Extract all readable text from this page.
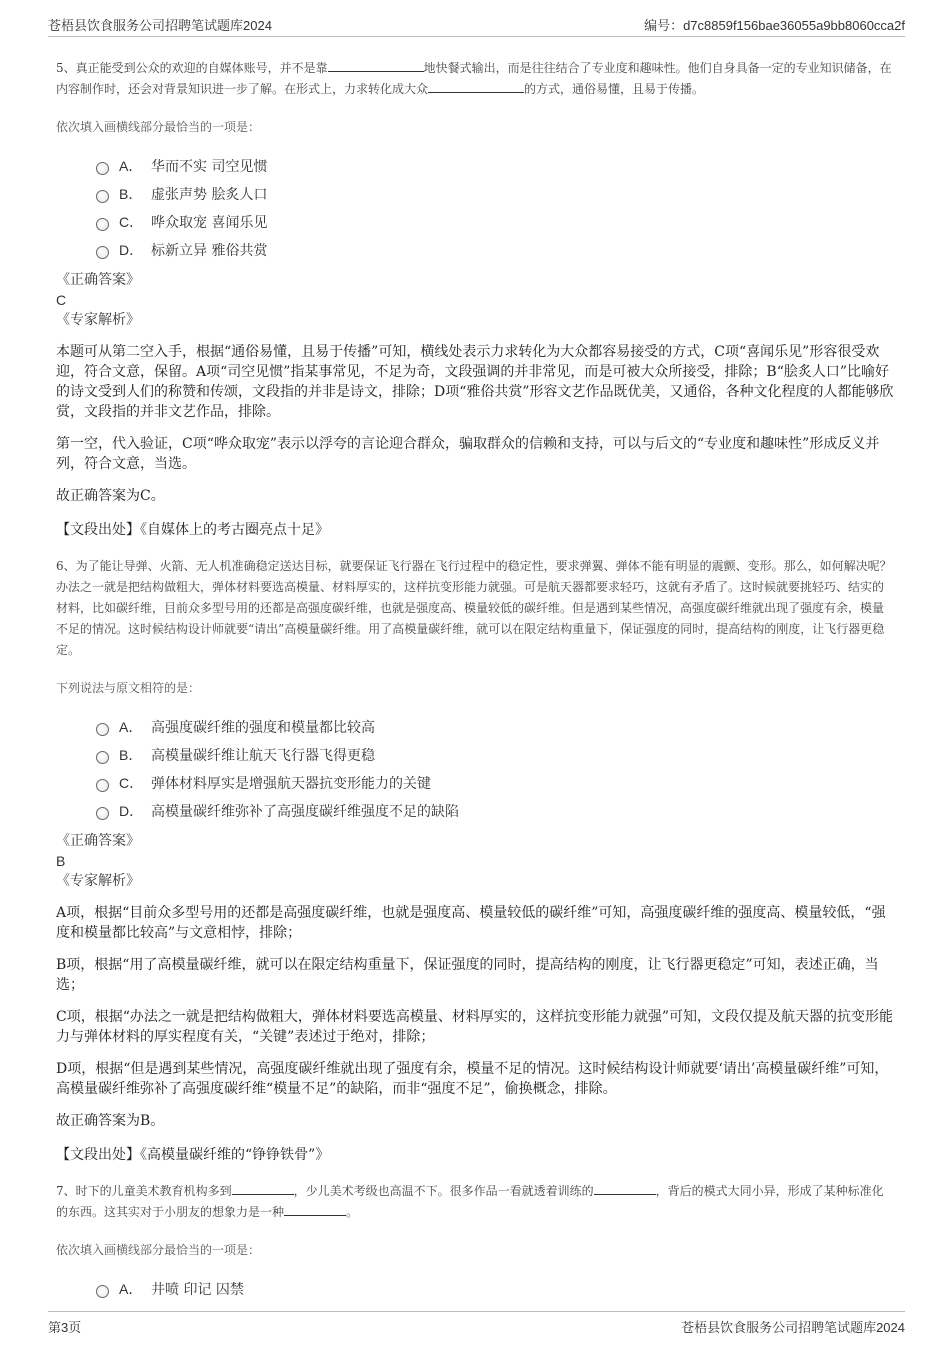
苍梧县饮食服务公司招聘笔试题库2024	编号：d7c8859f156bae36055a9bb8060cca2f

5、真正能受到公众的欢迎的自媒体账号，并不是靠	地快餐式输出，而是往往结合了专业度和趣味性。他们自身具备一定的专业知识储备，在内容制作时，还会对背景知识进一步了解。在形式上，力求转化成大众	的方式，通俗易懂，且易于传播。

依次填入画横线部分最恰当的一项是：

A． 华而不实 司空见惯
B． 虚张声势 脍炙人口
C． 哗众取宠 喜闻乐见
D． 标新立异 雅俗共赏

《正确答案》

C

《专家解析》

本题可从第二空入手，根据“通俗易懂，且易于传播”可知，横线处表示力求转化为大众都容易接受的方式，C项“喜闻乐见”形容很受欢迎，符合文意，保留。A项“司空见惯”指某事常见，不足为奇，文段强调的并非常见，而是可被大众所接受，排除；B“脍炙人口”比喻好的诗文受到人们的称赞和传颂，文段指的并非是诗文，排除；D项“雅俗共赏”形容文艺作品既优美，又通俗，各种文化程度的人都能够欣赏，文段指的并非文艺作品，排除。

第一空，代入验证，C项“哗众取宠”表示以浮夸的言论迎合群众，骗取群众的信赖和支持，可以与后文的“专业度和趣味性”形成反义并列，符合文意，当选。

故正确答案为C。

【文段出处】《自媒体上的考古圈亮点十足》

6、为了能让导弹、火箭、无人机准确稳定送达目标，就要保证飞行器在飞行过程中的稳定性，要求弹翼、弹体不能有明显的震颤、变形。那么，如何解决呢？办法之一就是把结构做粗大，弹体材料要选高模量、材料厚实的，这样抗变形能力就强。可是航天器都要求轻巧，这就有矛盾了。这时候就要挑轻巧、结实的材料，比如碳纤维，目前众多型号用的还都是高强度碳纤维，也就是强度高、模量较低的碳纤维。但是遇到某些情况，高强度碳纤维就出现了强度有余，模量不足的情况。这时候结构设计师就要“请出”高模量碳纤维。用了高模量碳纤维，就可以在限定结构重量下，保证强度的同时，提高结构的刚度，让飞行器更稳定。

下列说法与原文相符的是：

A． 高强度碳纤维的强度和模量都比较高
B． 高模量碳纤维让航天飞行器飞得更稳
C． 弹体材料厚实是增强航天器抗变形能力的关键
D． 高模量碳纤维弥补了高强度碳纤维强度不足的缺陷

《正确答案》

B

《专家解析》

A项，根据“目前众多型号用的还都是高强度碳纤维，也就是强度高、模量较低的碳纤维”可知，高强度碳纤维的强度高、模量较低，“强度和模量都比较高”与文意相悖，排除；

B项，根据“用了高模量碳纤维，就可以在限定结构重量下，保证强度的同时，提高结构的刚度，让飞行器更稳定”可知，表述正确，当选；

C项，根据“办法之一就是把结构做粗大，弹体材料要选高模量、材料厚实的，这样抗变形能力就强”可知，文段仅提及航天器的抗变形能力与弹体材料的厚实程度有关，“关键”表述过于绝对，排除；

D项，根据“但是遇到某些情况，高强度碳纤维就出现了强度有余，模量不足的情况。这时候结构设计师就要‘请出’高模量碳纤维”可知，高模量碳纤维弥补了高强度碳纤维“模量不足”的缺陷，而非“强度不足”，偷换概念，排除。

故正确答案为B。

【文段出处】《高模量碳纤维的“铮铮铁骨”》

7、时下的儿童美术教育机构多到	，少儿美术考级也高温不下。很多作品一看就透着训练的	，背后的模式大同小异，形成了某种标准化的东西。这其实对于小朋友的想象力是一种	。

依次填入画横线部分最恰当的一项是：

A． 井喷 印记 囚禁
第3页	苍梧县饮食服务公司招聘笔试题库2024
